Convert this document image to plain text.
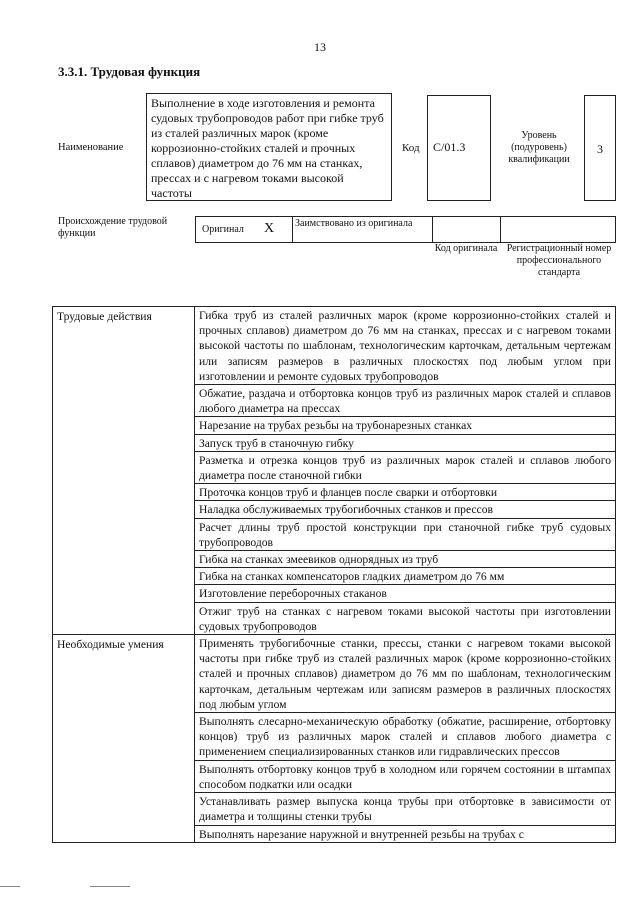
13
3.3.1. Трудовая функция
Наименование
Выполнение в ходе изготовления и ремонта судовых трубопроводов работ при гибке труб из сталей различных марок (кроме коррозионно-стойких сталей и прочных сплавов) диаметром до 76 мм на станках, прессах и с нагревом токами высокой частоты
Код C/01.3
Уровень (подуровень) квалификации
3
Происхождение трудовой функции	Оригинал X Заимствовано из оригинала
Код оригинала Регистрационный номер профессионального стандарта
Трудовые действия	Гибка труб из сталей различных марок (кроме коррозионно-стойких сталей и прочных сплавов) диаметром до 76 мм на станках, прессах и с нагревом токами высокой частоты по шаблонам, технологическим карточкам, детальным чертежам или записям размеров в различных плоскостях под любым углом при изготовлении и ремонте судовых трубопроводов
	Обжатие, раздача и отбортовка концов труб из различных марок сталей и сплавов любого диаметра на прессах
	Нарезание на трубах резьбы на трубонарезных станках
	Запуск труб в станочную гибку
	Разметка и отрезка концов труб из различных марок сталей и сплавов любого диаметра после станочной гибки
	Проточка концов труб и фланцев после сварки и отбортовки
	Наладка обслуживаемых трубогибочных станков и прессов
	Расчет длины труб простой конструкции при станочной гибке труб судовых трубопроводов
	Гибка на станках змеевиков однорядных из труб
	Гибка на станках компенсаторов гладких диаметром до 76 мм
	Изготовление переборочных стаканов
	Отжиг труб на станках с нагревом токами высокой частоты при изготовлении судовых трубопроводов
Необходимые умения	Применять трубогибочные станки, прессы, станки с нагревом токами высокой частоты при гибке труб из сталей различных марок (кроме коррозионно-стойких сталей и прочных сплавов) диаметром до 76 мм по шаблонам, технологическим карточкам, детальным чертежам или записям размеров в различных плоскостях под любым углом
	Выполнять слесарно-механическую обработку (обжатие, расширение, отбортовку концов) труб из различных марок сталей и сплавов любого диаметра с применением специализированных станков или гидравлических прессов
	Выполнять отбортовку концов труб в холодном или горячем состоянии в штампах способом подкатки или осадки
	Устанавливать размер выпуска конца трубы при отбортовке в зависимости от диаметра и толщины стенки трубы
	Выполнять нарезание наружной и внутренней резьбы на трубах с
